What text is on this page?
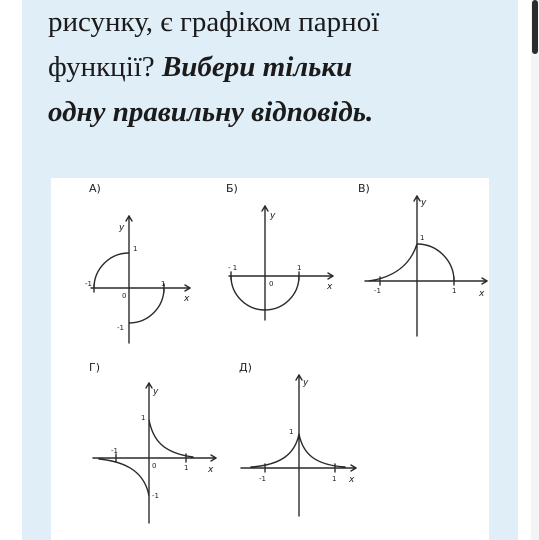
рисунку, є графіком парної
функції? Вибери тільки
одну правильну відповідь.
А)
y
x
1
-1
0
1
-1
Б)
y
x
- 1	1
0
В)
y
x
1
-1	1
Г)
y
x
1
-1
0	1
-1
Д)
y
x
1
-1	1
